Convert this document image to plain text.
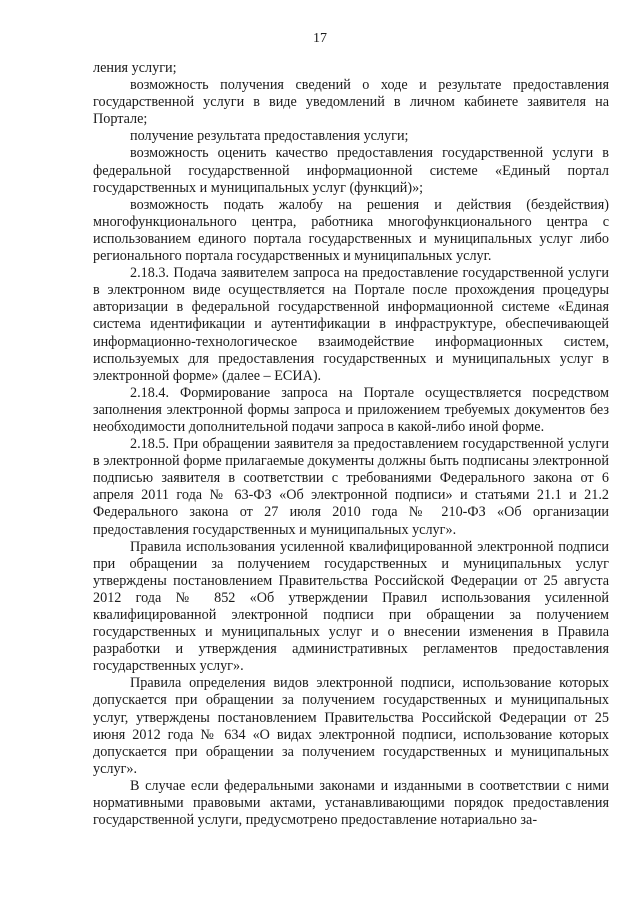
17

ления услуги;

возможность получения сведений о ходе и результате предоставления государственной услуги в виде уведомлений в личном кабинете заявителя на Портале;

получение результата предоставления услуги;

возможность оценить качество предоставления государственной услуги в федеральной государственной информационной системе «Единый портал государственных и муниципальных услуг (функций)»;

возможность подать жалобу на решения и действия (бездействия) многофункционального центра, работника многофункционального центра с использованием единого портала государственных и муниципальных услуг либо регионального портала государственных и муниципальных услуг.

2.18.3. Подача заявителем запроса на предоставление государственной услуги в электронном виде осуществляется на Портале после прохождения процедуры авторизации в федеральной государственной информационной системе «Единая система идентификации и аутентификации в инфраструктуре, обеспечивающей информационно-технологическое взаимодействие информационных систем, используемых для предоставления государственных и муниципальных услуг в электронной форме» (далее – ЕСИА).

2.18.4. Формирование запроса на Портале осуществляется посредством заполнения электронной формы запроса и приложением требуемых документов без необходимости дополнительной подачи запроса в какой-либо иной форме.

2.18.5. При обращении заявителя за предоставлением государственной услуги в электронной форме прилагаемые документы должны быть подписаны электронной подписью заявителя в соответствии с требованиями Федерального закона от 6 апреля 2011 года № 63-ФЗ «Об электронной подписи» и статьями 21.1 и 21.2 Федерального закона от 27 июля 2010 года № 210-ФЗ «Об организации предоставления государственных и муниципальных услуг».

Правила использования усиленной квалифицированной электронной подписи при обращении за получением государственных и муниципальных услуг утверждены постановлением Правительства Российской Федерации от 25 августа 2012 года № 852 «Об утверждении Правил использования усиленной квалифицированной электронной подписи при обращении за получением государственных и муниципальных услуг и о внесении изменения в Правила разработки и утверждения административных регламентов предоставления государственных услуг».

Правила определения видов электронной подписи, использование которых допускается при обращении за получением государственных и муниципальных услуг, утверждены постановлением Правительства Российской Федерации от 25 июня 2012 года № 634 «О видах электронной подписи, использование которых допускается при обращении за получением государственных и муниципальных услуг».

В случае если федеральными законами и изданными в соответствии с ними нормативными правовыми актами, устанавливающими порядок предоставления государственной услуги, предусмотрено предоставление нотариально за-
